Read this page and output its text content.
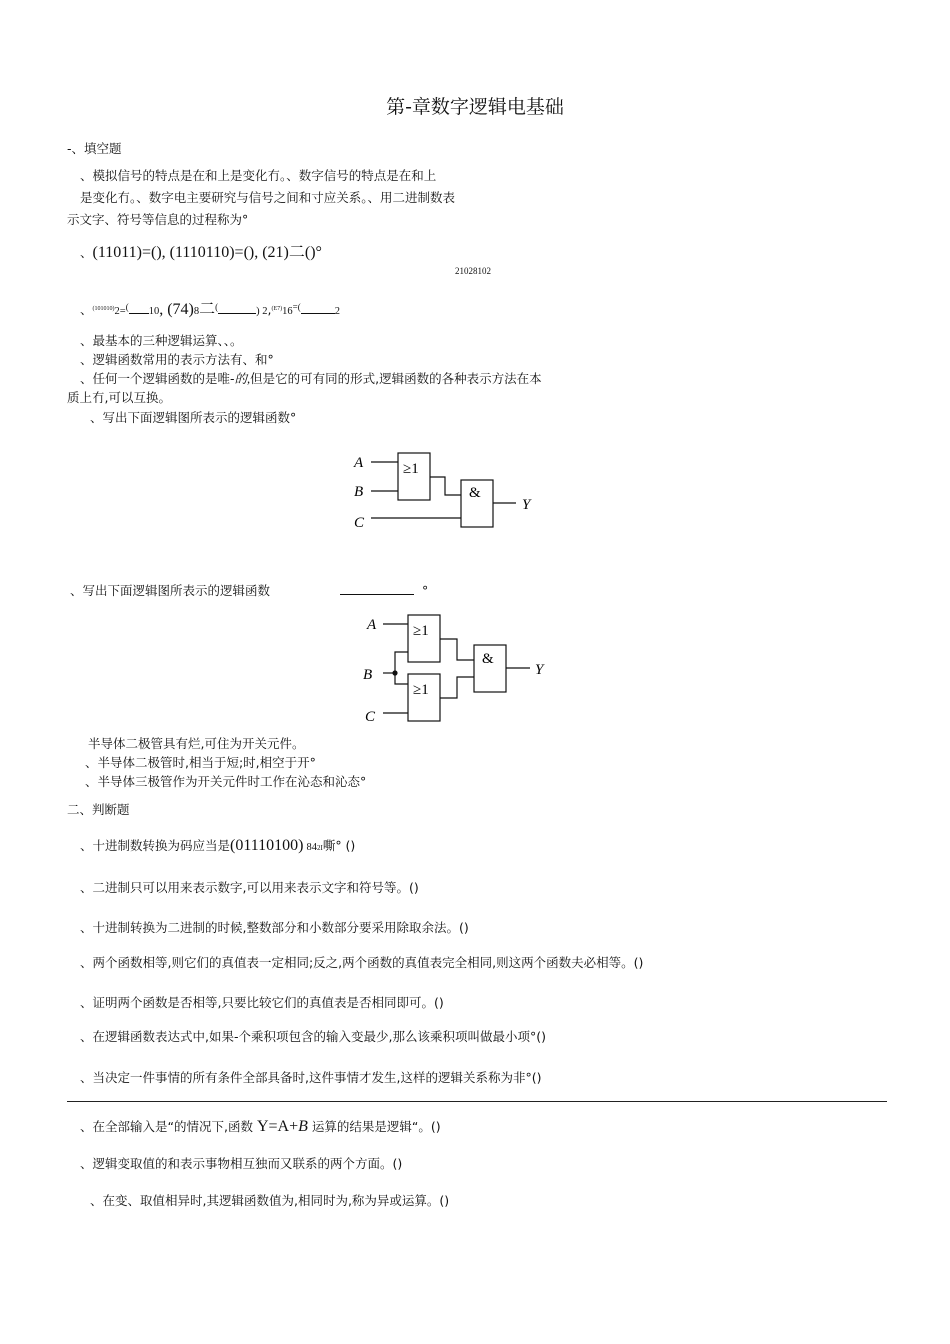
第-章数字逻辑电基础
-、填空题
、模拟信号的特点是在和上是变化冇。、数字信号的特点是在和上
是变化冇。、数字电主要研究与信号之间和寸应关系。、用二进制数表
示文字、符号等信息的过程称为°
、(11011)=(), (1110110)=(), (21)二()°
21028102
、$^{(101010)}$2=( 10, (74)8二(	) 2,$^{(E7)}$16=(	2
、最基本的三种逻辑运算、、。
、逻辑函数常用的表示方法有、和°
、任何一个逻辑函数的是唯-的,但是它的可有同的形式,逻辑函数的各种表示方法在本
质上冇,可以互换。
、写出下面逻辑图所表示的逻辑函数°
A
B
C
Y
≥1
&
、写出下面逻辑图所表示的逻辑函数	°
A
B
C
Y
≥1
≥1
&
半导体二极管具有烂,可住为开关元件。
、半导体二极管时,相当于短;时,相空于开°
、半导体三极管作为开关元件时工作在沁态和沁态°
二、判断题
、十进制数转换为码应当是(01110100) 842I嘶° ()
、二进制只可以用来表示数字,可以用来表示文字和符号等。()
、十进制转换为二进制的时候,整数部分和小数部分要采用除取余法。()
、两个函数相等,则它们的真值表一定相同;反之,两个函数的真值表完全相同,则这两个函数夫必相等。()
、证明两个函数是否相等,只要比较它们的真值表是否相同即可。()
、在逻辑函数表达式中,如果-个乘积项包含的输入变最少,那么该乘积项叫做最小项°()
、当决定一件事情的所有条件全部具备时,这件事情才发生,这样的逻辑关系称为非°()
、在全部输入是“的情况下,函数 Y=A+B 运算的结果是逻辑“。()
、逻辑变取值的和表示事物相互独而又联系的两个方面。()
、在变、取值相异时,其逻辑函数值为,相同时为,称为异或运算。()
